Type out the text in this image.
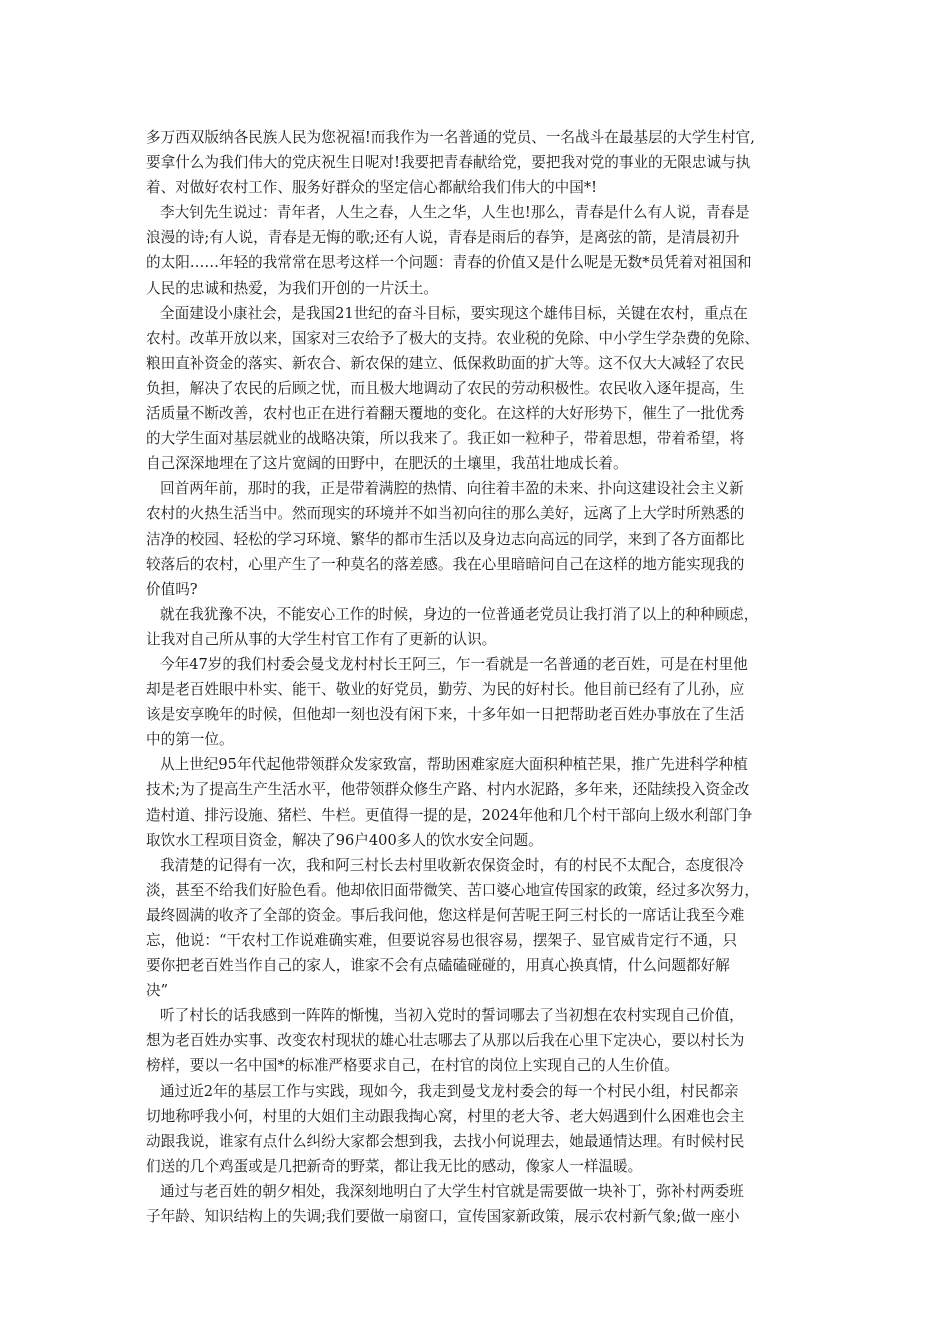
多万西双版纳各民族人民为您祝福!而我作为一名普通的党员、一名战斗在最基层的大学生村官,
要拿什么为我们伟大的党庆祝生日呢对!我要把青春献给党，要把我对党的事业的无限忠诚与执
着、对做好农村工作、服务好群众的坚定信心都献给我们伟大的中国*!
李大钊先生说过：青年者，人生之春，人生之华，人生也!那么，青春是什么有人说，青春是
浪漫的诗;有人说，青春是无悔的歌;还有人说，青春是雨后的春笋，是离弦的箭，是清晨初升
的太阳……年轻的我常常在思考这样一个问题：青春的价值又是什么呢是无数*员凭着对祖国和
人民的忠诚和热爱，为我们开创的一片沃土。
全面建设小康社会，是我国21世纪的奋斗目标，要实现这个雄伟目标，关键在农村，重点在
农村。改革开放以来，国家对三农给予了极大的支持。农业税的免除、中小学生学杂费的免除、
粮田直补资金的落实、新农合、新农保的建立、低保救助面的扩大等。这不仅大大减轻了农民
负担，解决了农民的后顾之忧，而且极大地调动了农民的劳动积极性。农民收入逐年提高，生
活质量不断改善，农村也正在进行着翻天覆地的变化。在这样的大好形势下，催生了一批优秀
的大学生面对基层就业的战略决策，所以我来了。我正如一粒种子，带着思想，带着希望，将
自己深深地埋在了这片宽阔的田野中，在肥沃的土壤里，我茁壮地成长着。
回首两年前，那时的我，正是带着满腔的热情、向往着丰盈的未来、扑向这建设社会主义新
农村的火热生活当中。然而现实的环境并不如当初向往的那么美好，远离了上大学时所熟悉的
洁净的校园、轻松的学习环境、繁华的都市生活以及身边志向高远的同学，来到了各方面都比
较落后的农村，心里产生了一种莫名的落差感。我在心里暗暗问自己在这样的地方能实现我的
价值吗?
就在我犹豫不决，不能安心工作的时候，身边的一位普通老党员让我打消了以上的种种顾虑，
让我对自己所从事的大学生村官工作有了更新的认识。
今年47岁的我们村委会曼戈龙村村长王阿三，乍一看就是一名普通的老百姓，可是在村里他
却是老百姓眼中朴实、能干、敬业的好党员，勤劳、为民的好村长。他目前已经有了儿孙，应
该是安享晚年的时候，但他却一刻也没有闲下来，十多年如一日把帮助老百姓办事放在了生活
中的第一位。
从上世纪95年代起他带领群众发家致富，帮助困难家庭大面积种植芒果，推广先进科学种植
技术;为了提高生产生活水平，他带领群众修生产路、村内水泥路，多年来，还陆续投入资金改
造村道、排污设施、猪栏、牛栏。更值得一提的是，2024年他和几个村干部向上级水利部门争
取饮水工程项目资金，解决了96户400多人的饮水安全问题。
我清楚的记得有一次，我和阿三村长去村里收新农保资金时，有的村民不太配合，态度很冷
淡，甚至不给我们好脸色看。他却依旧面带微笑、苦口婆心地宣传国家的政策，经过多次努力，
最终圆满的收齐了全部的资金。事后我问他，您这样是何苦呢王阿三村长的一席话让我至今难
忘，他说：“干农村工作说难确实难，但要说容易也很容易，摆架子、显官威肯定行不通，只
要你把老百姓当作自己的家人，谁家不会有点磕磕碰碰的，用真心换真情，什么问题都好解
决”
听了村长的话我感到一阵阵的惭愧，当初入党时的誓词哪去了当初想在农村实现自己价值，
想为老百姓办实事、改变农村现状的雄心壮志哪去了从那以后我在心里下定决心，要以村长为
榜样，要以一名中国*的标准严格要求自己，在村官的岗位上实现自己的人生价值。
通过近2年的基层工作与实践，现如今，我走到曼戈龙村委会的每一个村民小组，村民都亲
切地称呼我小何，村里的大姐们主动跟我掏心窝，村里的老大爷、老大妈遇到什么困难也会主
动跟我说，谁家有点什么纠纷大家都会想到我，去找小何说理去，她最通情达理。有时候村民
们送的几个鸡蛋或是几把新奇的野菜，都让我无比的感动，像家人一样温暖。
通过与老百姓的朝夕相处，我深刻地明白了大学生村官就是需要做一块补丁，弥补村两委班
子年龄、知识结构上的失调;我们要做一扇窗口，宣传国家新政策，展示农村新气象;做一座小
